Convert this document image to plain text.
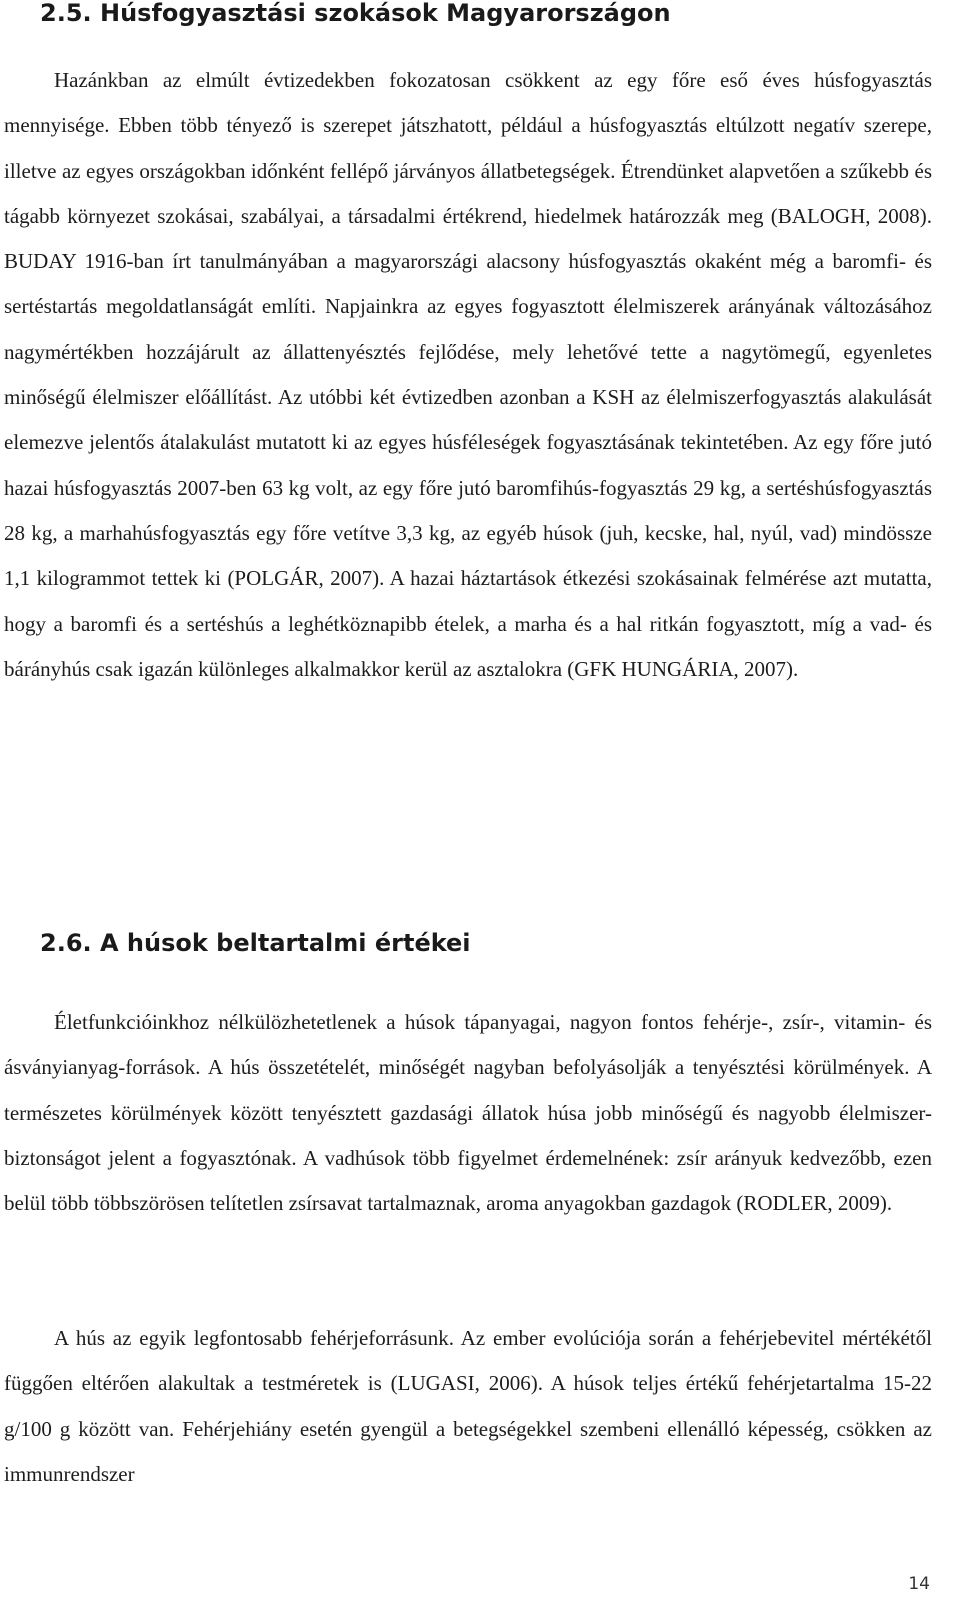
2.5. Húsfogyasztási szokások Magyarországon

Hazánkban az elmúlt évtizedekben fokozatosan csökkent az egy főre eső éves húsfogyasztás mennyisége. Ebben több tényező is szerepet játszhatott, például a húsfogyasztás eltúlzott negatív szerepe, illetve az egyes országokban időnként fellépő járványos állatbetegségek. Étrendünket alapvetően a szűkebb és tágabb környezet szokásai, szabályai, a társadalmi értékrend, hiedelmek határozzák meg (BALOGH, 2008). BUDAY 1916-ban írt tanulmányában a magyarországi alacsony húsfogyasztás okaként még a baromfi- és sertéstartás megoldatlanságát említi. Napjainkra az egyes fogyasztott élelmiszerek arányának változásához nagymértékben hozzájárult az állattenyésztés fejlődése, mely lehetővé tette a nagytömegű, egyenletes minőségű élelmiszer előállítást. Az utóbbi két évtizedben azonban a KSH az élelmiszerfogyasztás alakulását elemezve jelentős átalakulást mutatott ki az egyes húsféleségek fogyasztásának tekintetében. Az egy főre jutó hazai húsfogyasztás 2007-ben 63 kg volt, az egy főre jutó baromfihús-fogyasztás 29 kg, a sertéshúsfogyasztás 28 kg, a marhahúsfogyasztás egy főre vetítve 3,3 kg, az egyéb húsok (juh, kecske, hal, nyúl, vad) mindössze 1,1 kilogrammot tettek ki (POLGÁR, 2007). A hazai háztartások étkezési szokásainak felmérése azt mutatta, hogy a baromfi és a sertéshús a leghétköznapibb ételek, a marha és a hal ritkán fogyasztott, míg a vad- és bárányhús csak igazán különleges alkalmakkor kerül az asztalokra (GFK HUNGÁRIA, 2007).

2.6. A húsok beltartalmi értékei

Életfunkcióinkhoz nélkülözhetetlenek a húsok tápanyagai, nagyon fontos fehérje-, zsír-, vitamin- és ásványianyag-források. A hús összetételét, minőségét nagyban befolyásolják a tenyésztési körülmények. A természetes körülmények között tenyésztett gazdasági állatok húsa jobb minőségű és nagyobb élelmiszer-biztonságot jelent a fogyasztónak. A vadhúsok több figyelmet érdemelnének: zsír arányuk kedvezőbb, ezen belül több többszörösen telítetlen zsírsavat tartalmaznak, aroma anyagokban gazdagok (RODLER, 2009).

A hús az egyik legfontosabb fehérjeforrásunk. Az ember evolúciója során a fehérjebevitel mértékétől függően eltérően alakultak a testméretek is (LUGASI, 2006). A húsok teljes értékű fehérjetartalma 15-22 g/100 g között van. Fehérjehiány esetén gyengül a betegségekkel szembeni ellenálló képesség, csökken az immunrendszer

14
